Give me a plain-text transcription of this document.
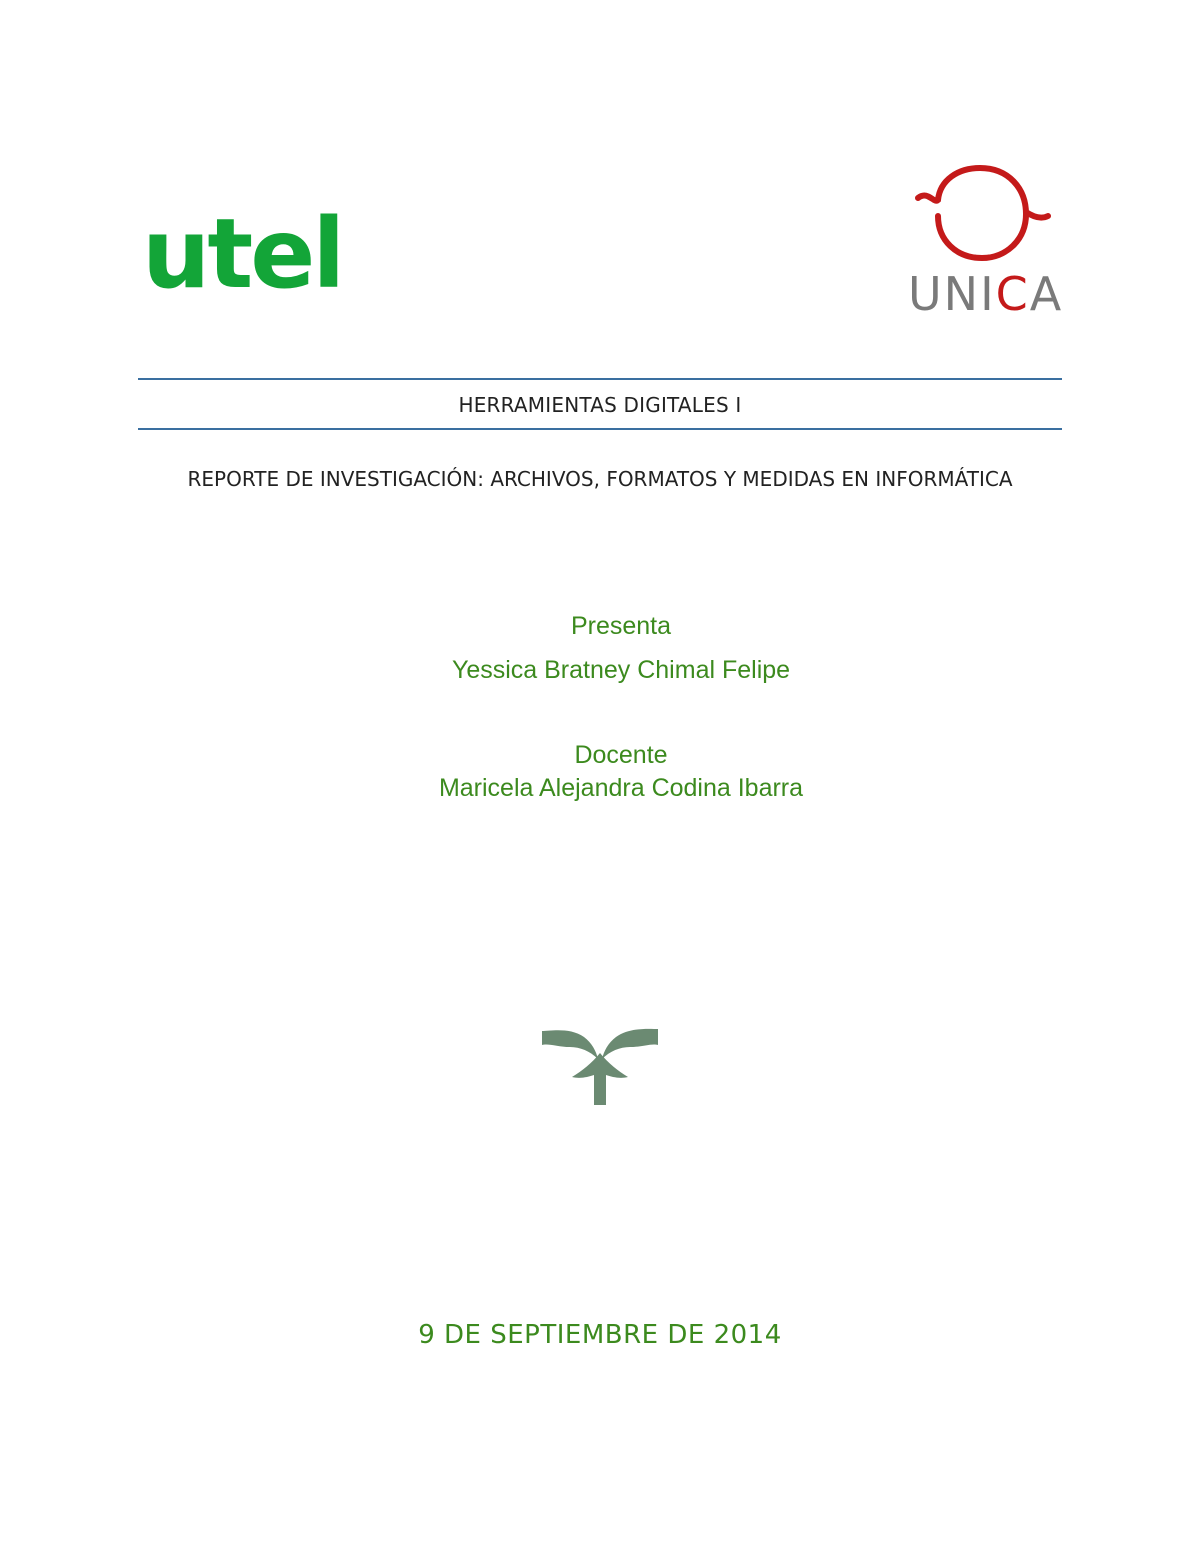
utel	UNICA
HERRAMIENTAS DIGITALES I
REPORTE DE INVESTIGACIÓN: ARCHIVOS, FORMATOS Y MEDIDAS EN INFORMÁTICA
Presenta
Yessica Bratney Chimal Felipe
Docente
Maricela Alejandra Codina Ibarra
9 DE SEPTIEMBRE DE 2014
